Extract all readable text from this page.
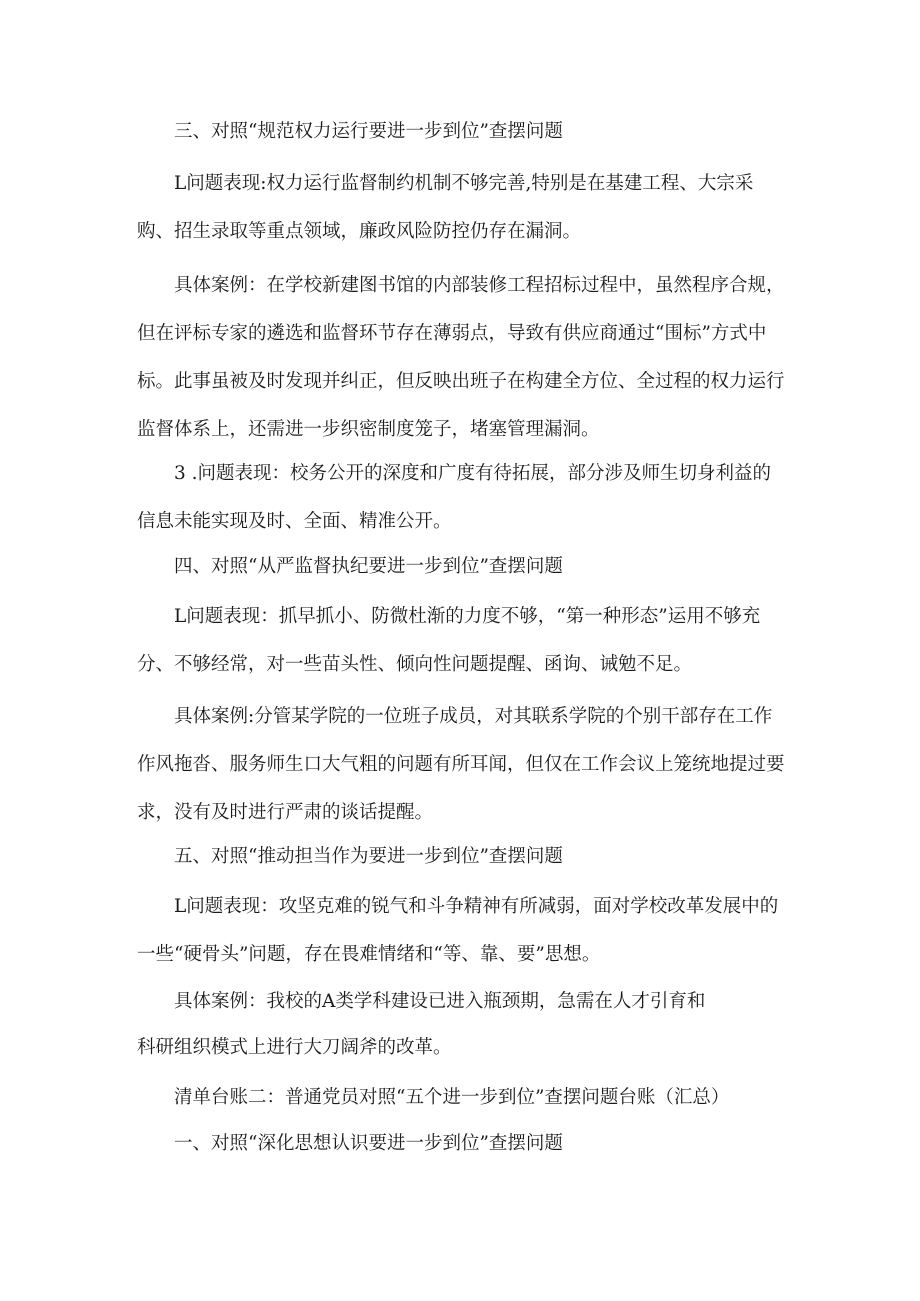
三、对照“规范权力运行要进一步到位”查摆问题

L问题表现:权力运行监督制约机制不够完善,特别是在基建工程、大宗采购、招生录取等重点领域，廉政风险防控仍存在漏洞。

具体案例：在学校新建图书馆的内部装修工程招标过程中，虽然程序合规，但在评标专家的遴选和监督环节存在薄弱点，导致有供应商通过“围标”方式中标。此事虽被及时发现并纠正，但反映出班子在构建全方位、全过程的权力运行监督体系上，还需进一步织密制度笼子，堵塞管理漏洞。

3 .问题表现：校务公开的深度和广度有待拓展，部分涉及师生切身利益的信息未能实现及时、全面、精准公开。

四、对照“从严监督执纪要进一步到位”查摆问题

L问题表现：抓早抓小、防微杜渐的力度不够，“第一种形态”运用不够充分、不够经常，对一些苗头性、倾向性问题提醒、函询、诫勉不足。

具体案例:分管某学院的一位班子成员，对其联系学院的个别干部存在工作作风拖沓、服务师生口大气粗的问题有所耳闻，但仅在工作会议上笼统地提过要求，没有及时进行严肃的谈话提醒。

五、对照“推动担当作为要进一步到位”查摆问题

L问题表现：攻坚克难的锐气和斗争精神有所减弱，面对学校改革发展中的一些“硬骨头”问题，存在畏难情绪和“等、靠、要”思想。

具体案例：我校的A类学科建设已进入瓶颈期，急需在人才引育和

科研组织模式上进行大刀阔斧的改革。

清单台账二：普通党员对照“五个进一步到位”查摆问题台账（汇总）

一、对照“深化思想认识要进一步到位”查摆问题
